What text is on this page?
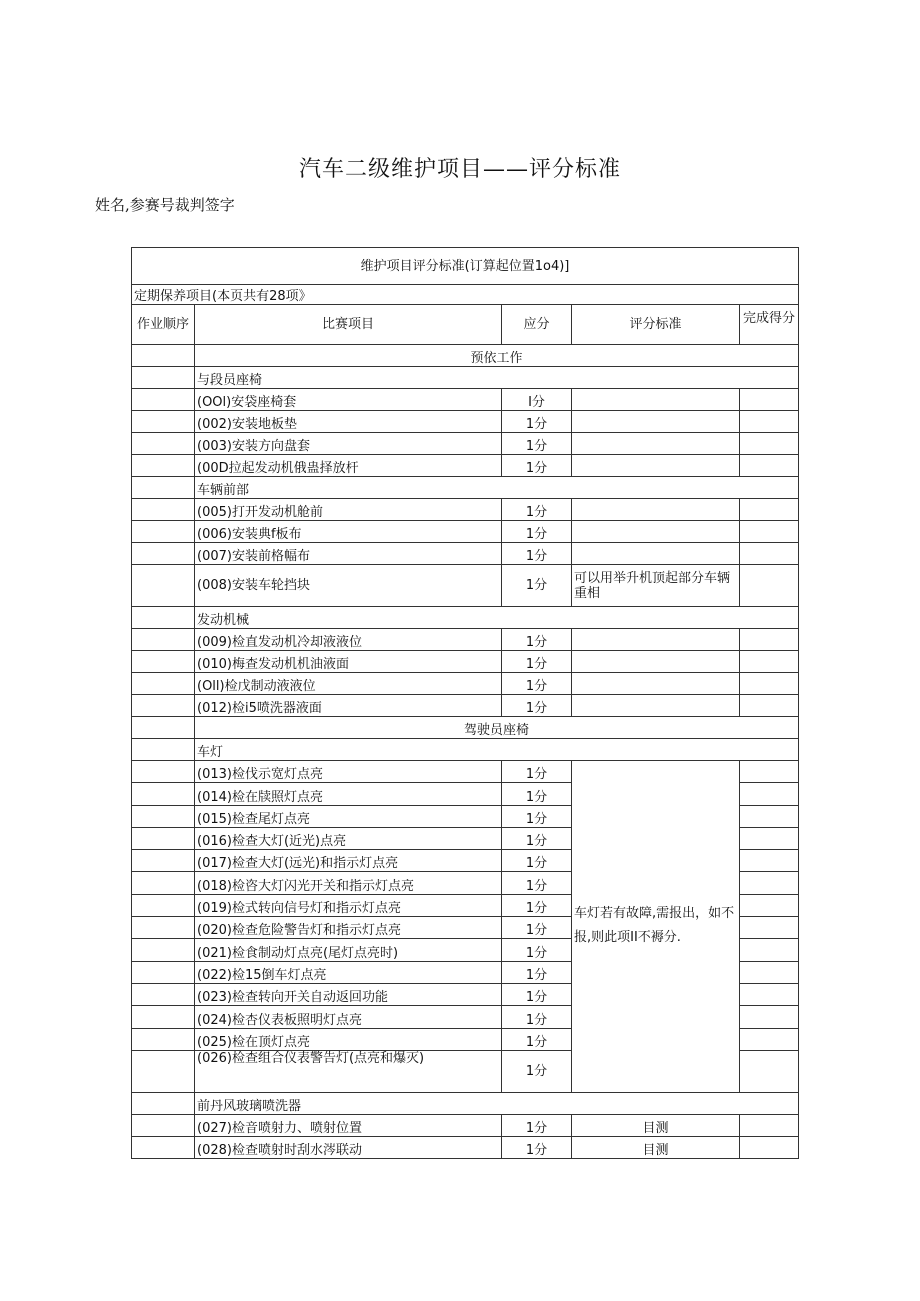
汽车二级维护项目——评分标准
姓名,参赛号裁判签字
维护项目评分标准(订算起位置1o4)]				
定期保养项目(本页共有28项》				
作业顺序	比赛项目	应分	评分标准	完成得分

	预依工作			
	与段员座椅			
	(OOl)安袋座椅套	I分		
	(002)安装地板垫	1分		
	(003)安装方向盘套	1分		
	(00D拉起发动机俄蛊择放杆	1分		
	车辆前部			
	(005)打开发动机舱前	1分		
	(006)安装典f板布	1分		
	(007)安装前格幅布	1分		
	(008)安装车轮挡块	1分	可以用举升机顶起部分车辆重相	
	发动机械			
	(009)检直发动机冷却液液位	1分		
	(010)梅查发动机机油液面	1分		
	(Oll)检戊制动液液位	1分		
	(012)检i5喷洗器液面	1分		
	驾驶员座椅			
	车灯			
	(013)检伐示宽灯点亮	1分	车灯若有故障,需报出，如不报,则此项II不褥分.	
	(014)检在牍照灯点亮	1分		
	(015)检查尾灯点亮	1分		
	(016)检查大灯(近光)点亮	1分		
	(017)检查大灯(远光)和指示灯点亮	1分		
	(018)检咨大灯闪光开关和指示灯点亮	1分		
	(019)检式转向信号灯和指示灯点亮	1分		
	(020)检查危险警告灯和指示灯点亮	1分		
	(021)检食制动灯点亮(尾灯点亮时)	1分		
	(022)检15倒车灯点亮	1分		
	(023)检查转向开关自动返回功能	1分		
	(024)检杏仪表板照明灯点亮	1分		
	(025)检在顶灯点亮	1分		
	(026)检查组合仪表警告灯(点亮和爆灭)	1分		
	前丹风玻璃喷洗器			
	(027)检音喷射力、喷射位置	1分	目测	
	(028)检查喷射时刮水涔联动	1分	目测	
